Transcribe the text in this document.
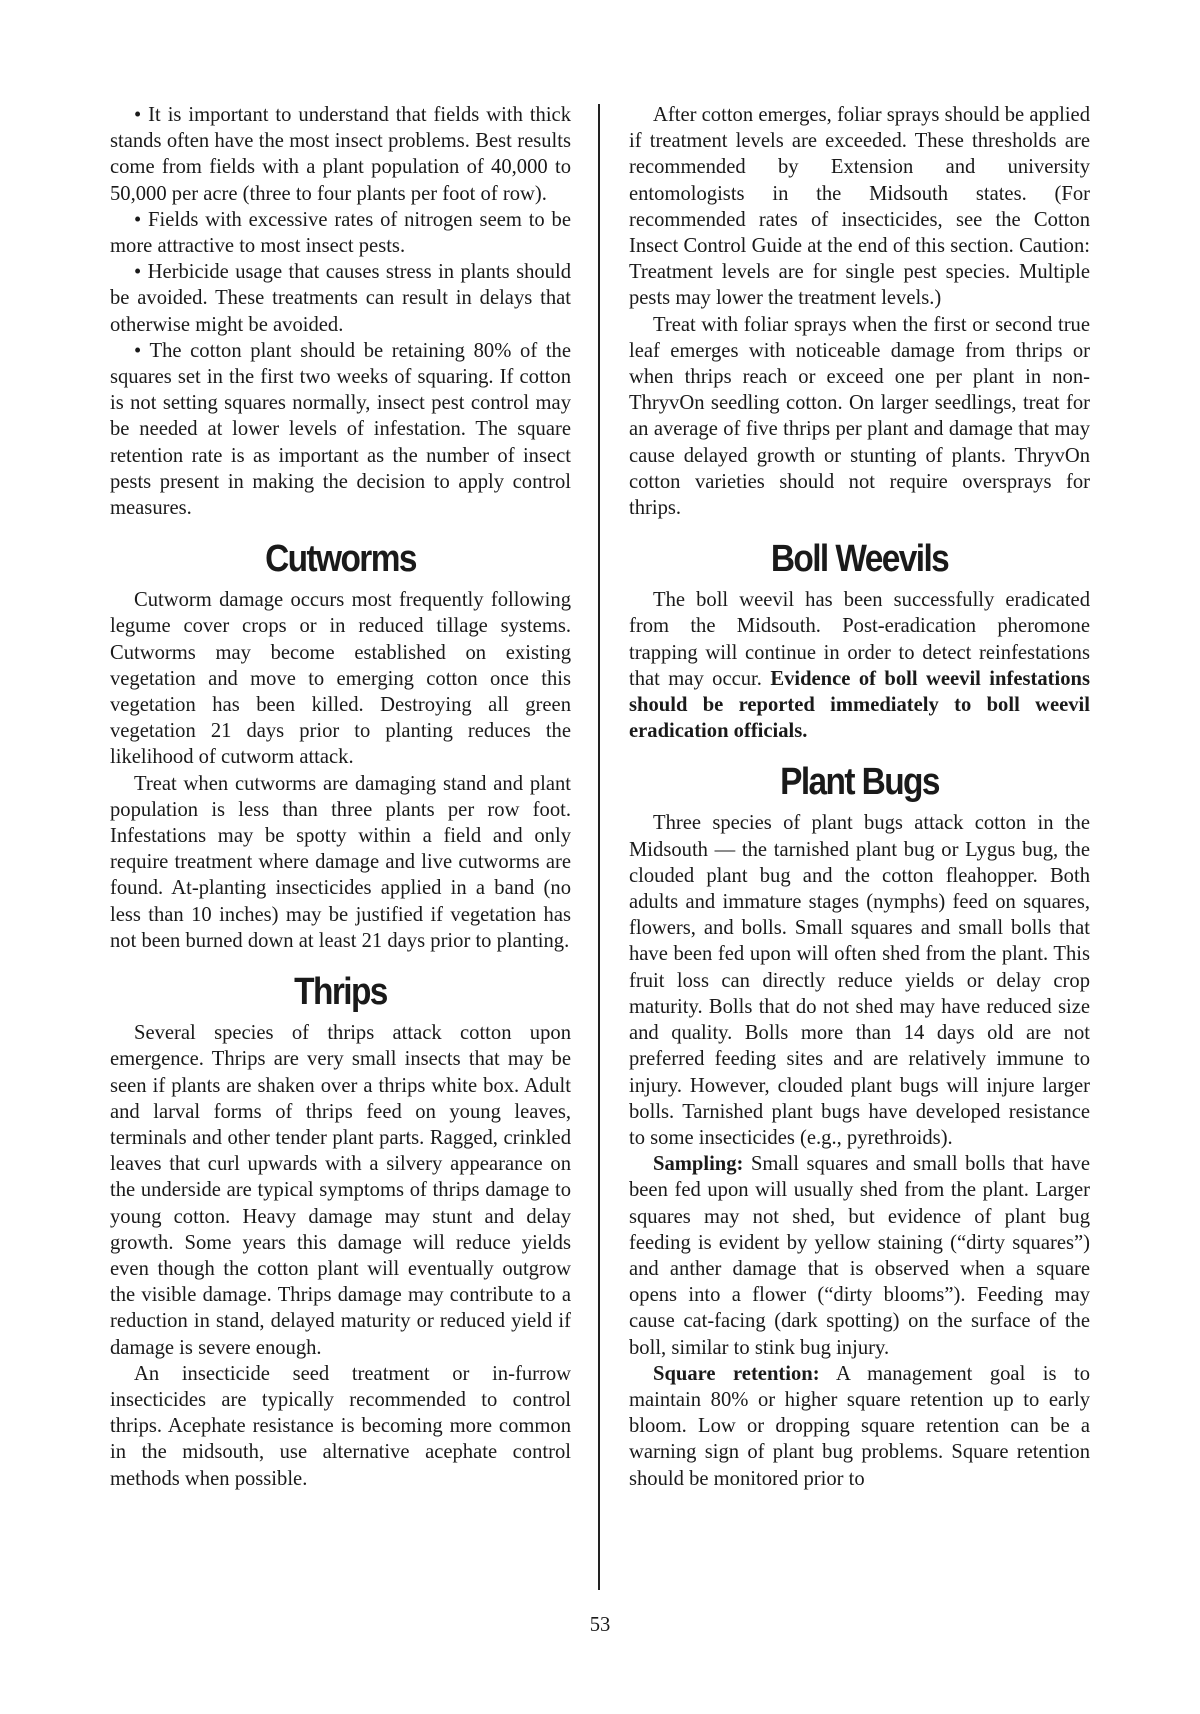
• It is important to understand that fields with thick stands often have the most insect problems. Best results come from fields with a plant population of 40,000 to 50,000 per acre (three to four plants per foot of row).

• Fields with excessive rates of nitrogen seem to be more attractive to most insect pests.

• Herbicide usage that causes stress in plants should be avoided. These treatments can result in delays that otherwise might be avoided.

• The cotton plant should be retaining 80% of the squares set in the first two weeks of squaring. If cotton is not setting squares normally, insect pest control may be needed at lower levels of infestation. The square retention rate is as important as the number of insect pests present in making the decision to apply control measures.

Cutworms

Cutworm damage occurs most frequently following legume cover crops or in reduced tillage systems. Cutworms may become established on existing vegetation and move to emerging cotton once this vegetation has been killed. Destroying all green vegetation 21 days prior to planting reduces the likelihood of cutworm attack.

Treat when cutworms are damaging stand and plant population is less than three plants per row foot. Infestations may be spotty within a field and only require treatment where damage and live cutworms are found. At-planting insecticides applied in a band (no less than 10 inches) may be justified if vegetation has not been burned down at least 21 days prior to planting.

Thrips

Several species of thrips attack cotton upon emergence. Thrips are very small insects that may be seen if plants are shaken over a thrips white box. Adult and larval forms of thrips feed on young leaves, terminals and other tender plant parts. Ragged, crinkled leaves that curl upwards with a silvery appearance on the underside are typical symptoms of thrips damage to young cotton. Heavy damage may stunt and delay growth. Some years this damage will reduce yields even though the cotton plant will eventually outgrow the visible damage. Thrips damage may contribute to a reduction in stand, delayed maturity or reduced yield if damage is severe enough.

An insecticide seed treatment or in-furrow insecticides are typically recommended to control thrips. Acephate resistance is becoming more common in the midsouth, use alternative acephate control methods when possible.

After cotton emerges, foliar sprays should be applied if treatment levels are exceeded. These thresholds are recommended by Extension and university entomologists in the Midsouth states. (For recommended rates of insecticides, see the Cotton Insect Control Guide at the end of this section. Caution: Treatment levels are for single pest species. Multiple pests may lower the treatment levels.)

Treat with foliar sprays when the first or second true leaf emerges with noticeable damage from thrips or when thrips reach or exceed one per plant in non-ThryvOn seedling cotton. On larger seedlings, treat for an average of five thrips per plant and damage that may cause delayed growth or stunting of plants. ThryvOn cotton varieties should not require oversprays for thrips.

Boll Weevils

The boll weevil has been successfully eradicated from the Midsouth. Post-eradication pheromone trapping will continue in order to detect reinfestations that may occur. Evidence of boll weevil infestations should be reported immediately to boll weevil eradication officials.

Plant Bugs

Three species of plant bugs attack cotton in the Midsouth — the tarnished plant bug or Lygus bug, the clouded plant bug and the cotton fleahopper. Both adults and immature stages (nymphs) feed on squares, flowers, and bolls. Small squares and small bolls that have been fed upon will often shed from the plant. This fruit loss can directly reduce yields or delay crop maturity. Bolls that do not shed may have reduced size and quality. Bolls more than 14 days old are not preferred feeding sites and are relatively immune to injury. However, clouded plant bugs will injure larger bolls. Tarnished plant bugs have developed resistance to some insecticides (e.g., pyrethroids).

Sampling: Small squares and small bolls that have been fed upon will usually shed from the plant. Larger squares may not shed, but evidence of plant bug feeding is evident by yellow staining (“dirty squares”) and anther damage that is observed when a square opens into a flower (“dirty blooms”). Feeding may cause cat-facing (dark spotting) on the surface of the boll, similar to stink bug injury.

Square retention: A management goal is to maintain 80% or higher square retention up to early bloom. Low or dropping square retention can be a warning sign of plant bug problems. Square retention should be monitored prior to

53
